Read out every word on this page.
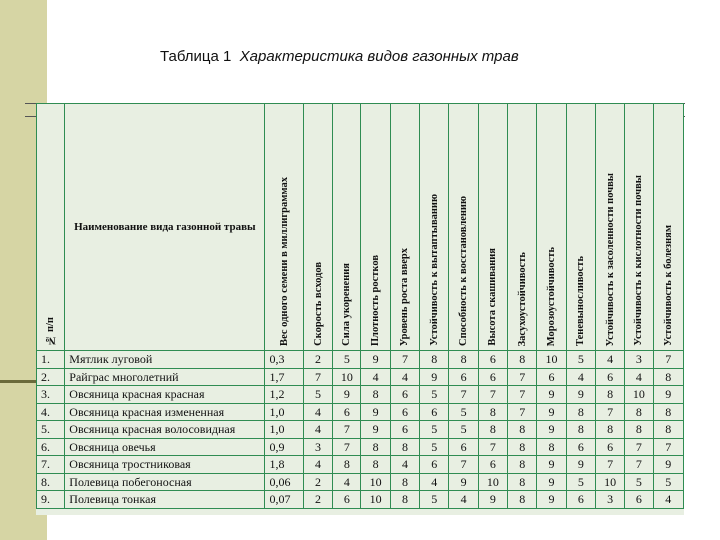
Таблица 1 Характеристика видов газонных трав
№ п/п	Наименование вида газонной травы	Вес одного семени в миллиграммах	Скорость всходов	Сила укоренения	Плотность ростков	Уровень роста вверх	Устойчивость к вытаптыванию	Способность к восстановлению	Высота скашивания	Засухоустойчивость	Морозоустойчивость	Теневыносливость	Устойчивость к засоленности почвы	Устойчивость к кислотности почвы	Устойчивость к болезням

1.	Мятлик луговой	0,3	2	5	9	7	8	8	6	8	10	5	4	3	7
2.	Райграс многолетний	1,7	7	10	4	4	9	6	6	7	6	4	6	4	8
3.	Овсяница красная красная	1,2	5	9	8	6	5	7	7	7	9	9	8	10	9
4.	Овсяница красная измененная	1,0	4	6	9	6	6	5	8	7	9	8	7	8	8
5.	Овсяница красная волосовидная	1,0	4	7	9	6	5	5	8	8	9	8	8	8	8
6.	Овсяница овечья	0,9	3	7	8	8	5	6	7	8	8	6	6	7	7
7.	Овсяница тростниковая	1,8	4	8	8	4	6	7	6	8	9	9	7	7	9
8.	Полевица побегоносная	0,06	2	4	10	8	4	9	10	8	9	5	10	5	5
9.	Полевица тонкая	0,07	2	6	10	8	5	4	9	8	9	6	3	6	4
